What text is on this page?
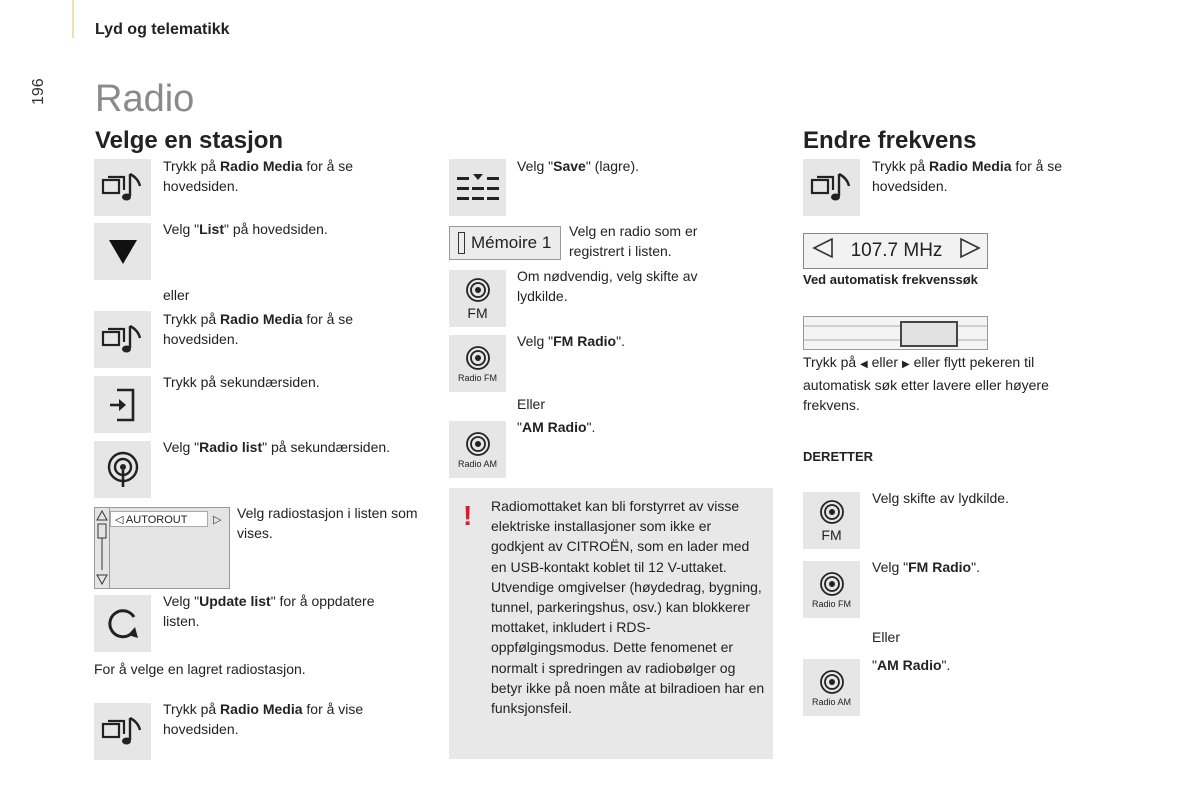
Lyd og telematikk
196	Radio
Velge en stasjon
Trykk på Radio Media for å se hovedsiden.
Velg "List" på hovedsiden.
eller
Trykk på Radio Media for å se hovedsiden.
Trykk på sekundærsiden.
Velg "Radio list" på sekundærsiden.
◁ AUTOROUT	▷ Velg radiostasjon i listen som vises.
Velg "Update list" for å oppdatere listen.
For å velge en lagret radiostasjon.
Trykk på Radio Media for å vise hovedsiden.
Velg "Save" (lagre).
Mémoire 1
Velg en radio som er registrert i listen.
FM
Om nødvendig, velg skifte av lydkilde.
Radio FM
Velg "FM Radio".
Eller
Radio AM
"AM Radio".
! Radiomottaket kan bli forstyrret av visse elektriske installasjoner som ikke er godkjent av CITROËN, som en lader med en USB-kontakt koblet til 12 V-uttaket.
Utvendige omgivelser (høydedrag, bygning, tunnel, parkeringshus, osv.) kan blokkerer mottaket, inkludert i RDS-oppfølgingsmodus. Dette fenomenet er normalt i spredringen av radiobølger og betyr ikke på noen måte at bilradioen har en funksjonsfeil.
Endre frekvens
Trykk på Radio Media for å se hovedsiden.
107.7 MHz
Ved automatisk frekvenssøk
Trykk på ◀ eller ▶ eller flytt pekeren til automatisk søk etter lavere eller høyere frekvens.
DERETTER
FM
Velg skifte av lydkilde.
Radio FM
Velg "FM Radio".
Eller
Radio AM
"AM Radio".
